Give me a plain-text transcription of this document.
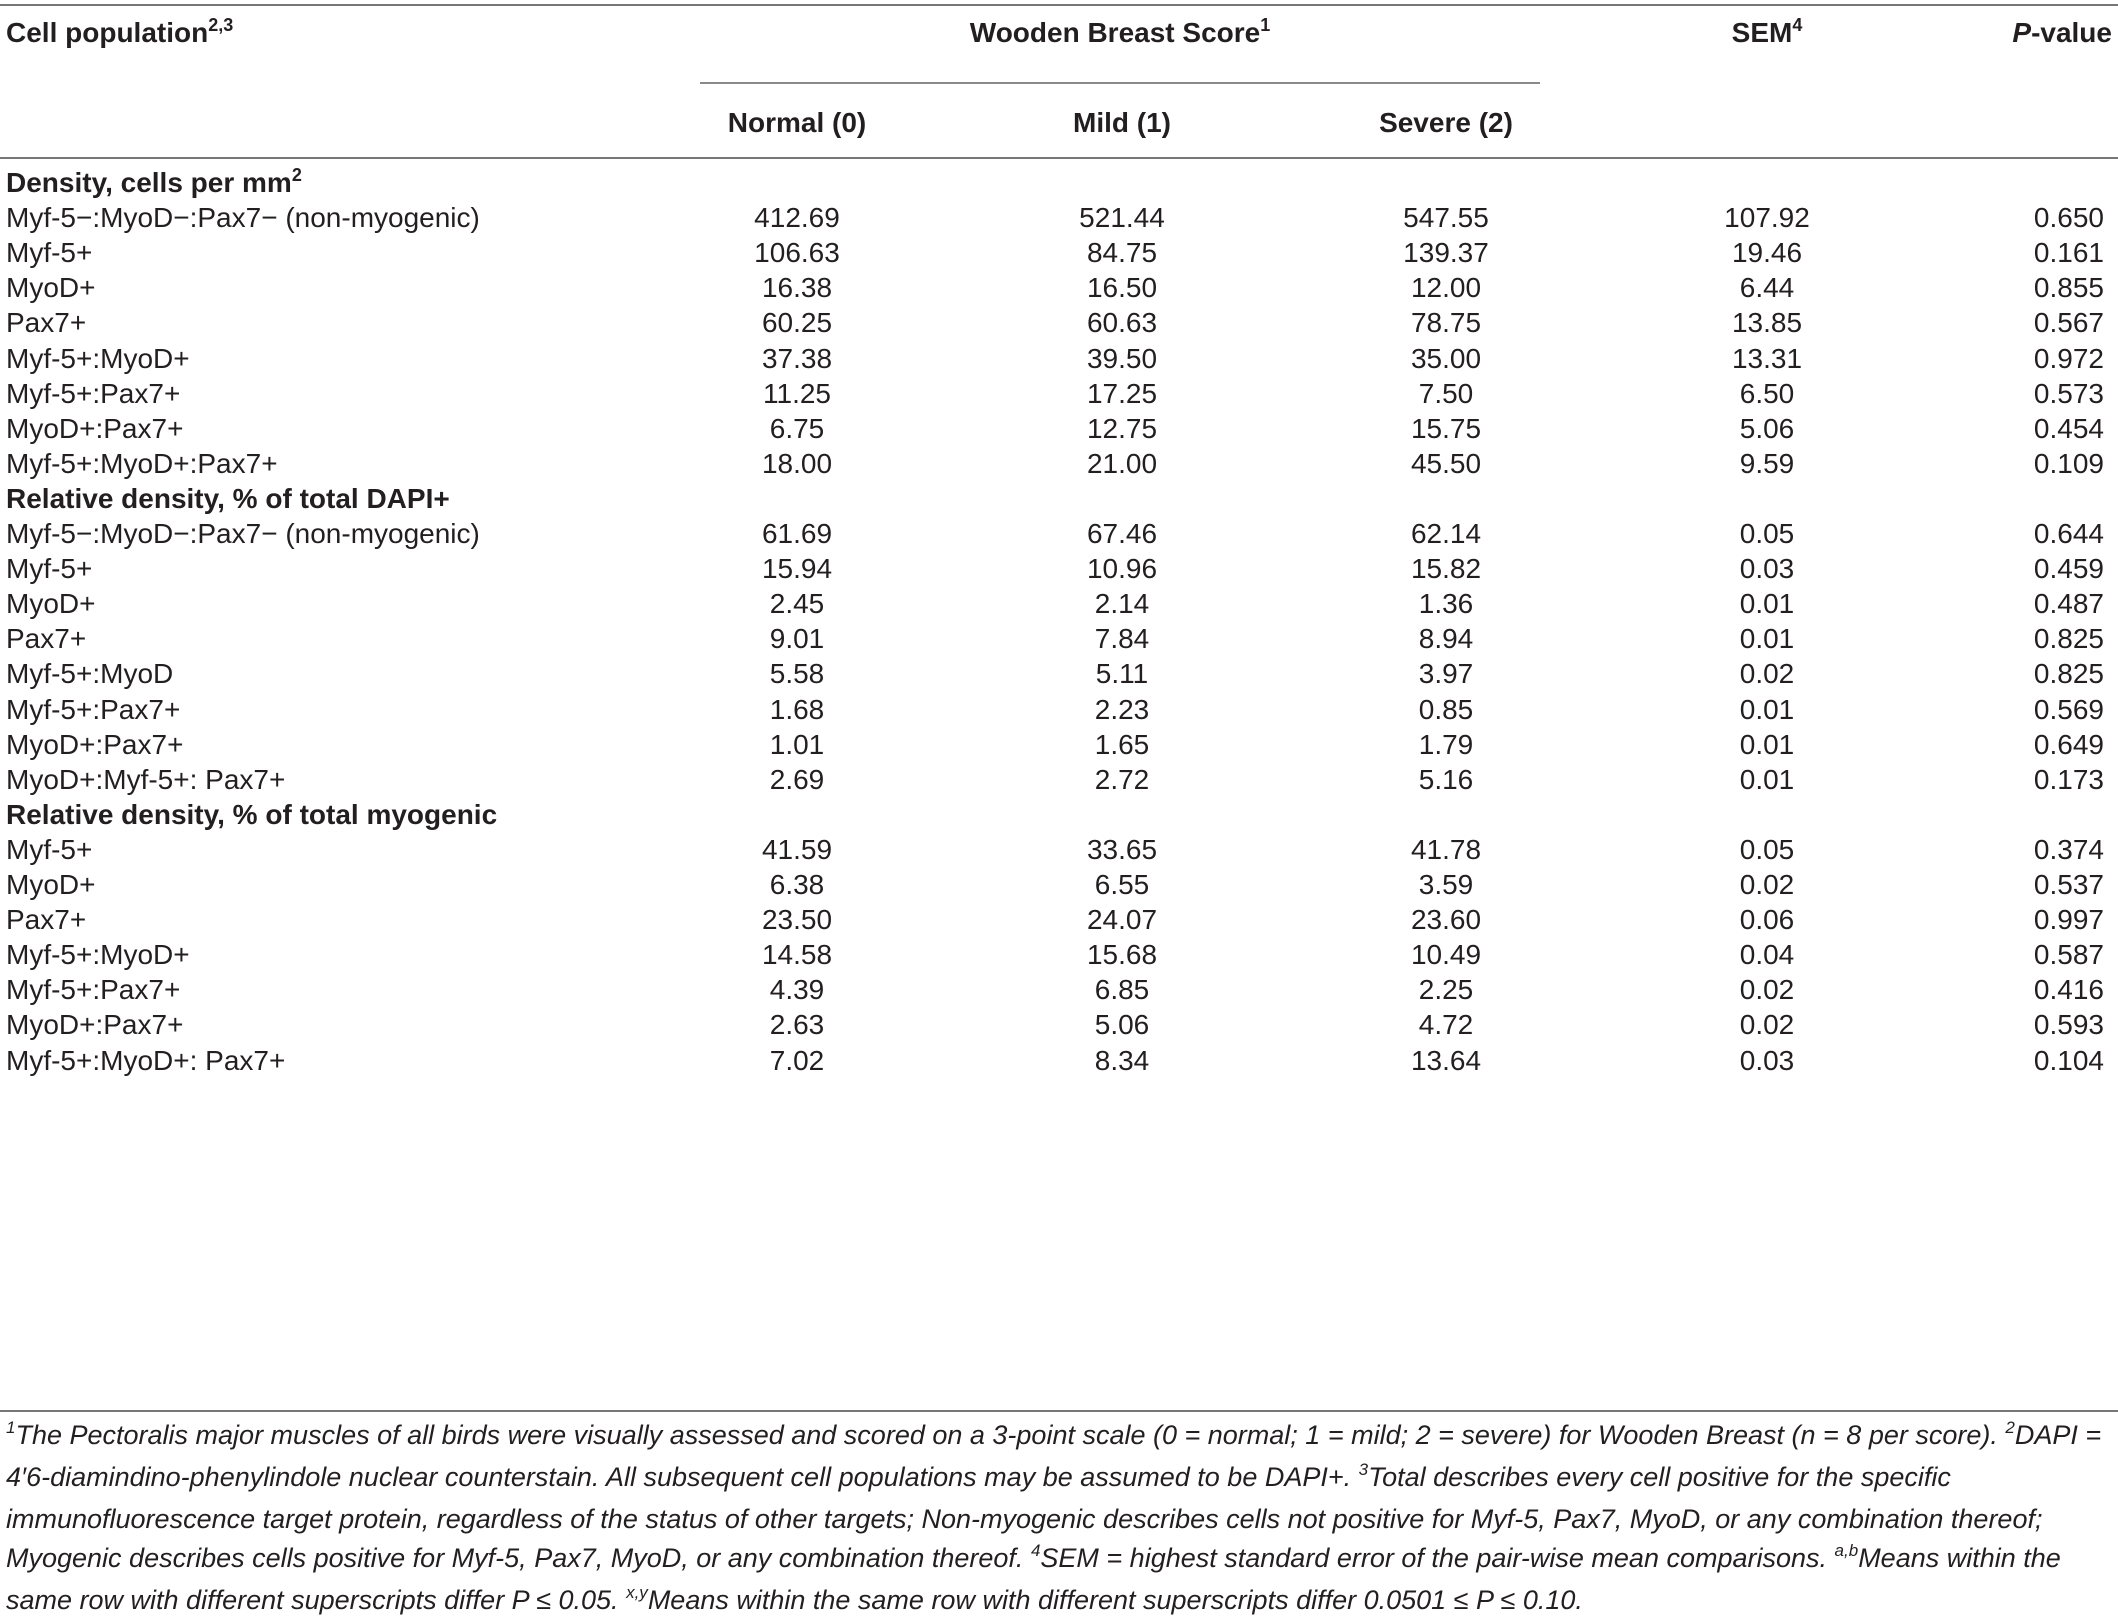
Cell population$^{2,3}$	Wooden Breast Score$^1$	SEM$^4$	P-value
Normal (0)	Mild (1)	Severe (2)
Density, cells per $mm^2$
Myf-5−:MyoD−:Pax7− (non-myogenic)	412.69	521.44	547.55	107.92	0.650
Myf-5+	106.63	84.75	139.37	19.46	0.161
MyoD+	16.38	16.50	12.00	6.44	0.855
Pax7+	60.25	60.63	78.75	13.85	0.567
Myf-5+:MyoD+	37.38	39.50	35.00	13.31	0.972
Myf-5+:Pax7+	11.25	17.25	7.50	6.50	0.573
MyoD+:Pax7+	6.75	12.75	15.75	5.06	0.454
Myf-5+:MyoD+:Pax7+	18.00	21.00	45.50	9.59	0.109
Relative density, % of total DAPI+
Myf-5−:MyoD−:Pax7− (non-myogenic)	61.69	67.46	62.14	0.05	0.644
Myf-5+	15.94	10.96	15.82	0.03	0.459
MyoD+	2.45	2.14	1.36	0.01	0.487
Pax7+	9.01	7.84	8.94	0.01	0.825
Myf-5+:MyoD	5.58	5.11	3.97	0.02	0.825
Myf-5+:Pax7+	1.68	2.23	0.85	0.01	0.569
MyoD+:Pax7+	1.01	1.65	1.79	0.01	0.649
MyoD+:Myf-5+: Pax7+	2.69	2.72	5.16	0.01	0.173
Relative density, % of total myogenic
Myf-5+	41.59	33.65	41.78	0.05	0.374
MyoD+	6.38	6.55	3.59	0.02	0.537
Pax7+	23.50	24.07	23.60	0.06	0.997
Myf-5+:MyoD+	14.58	15.68	10.49	0.04	0.587
Myf-5+:Pax7+	4.39	6.85	2.25	0.02	0.416
MyoD+:Pax7+	2.63	5.06	4.72	0.02	0.593
Myf-5+:MyoD+: Pax7+	7.02	8.34	13.64	0.03	0.104
$^1$The Pectoralis major muscles of all birds were visually assessed and scored on a 3-point scale (0 = normal; 1 = mild; 2 = severe) for Wooden Breast (n = 8 per score). $^2$DAPI = 4′6-diamindino-phenylindole nuclear counterstain. All subsequent cell populations may be assumed to be DAPI+. $^3$Total describes every cell positive for the specific immunofluorescence target protein, regardless of the status of other targets; Non-myogenic describes cells not positive for Myf-5, Pax7, MyoD, or any combination thereof; Myogenic describes cells positive for Myf-5, Pax7, MyoD, or any combination thereof. $^4$SEM = highest standard error of the pair-wise mean comparisons. $^{a,b}$Means within the same row with different superscripts differ P ≤ 0.05. $^{x,y}$Means within the same row with different superscripts differ 0.0501 ≤ P ≤ 0.10.
